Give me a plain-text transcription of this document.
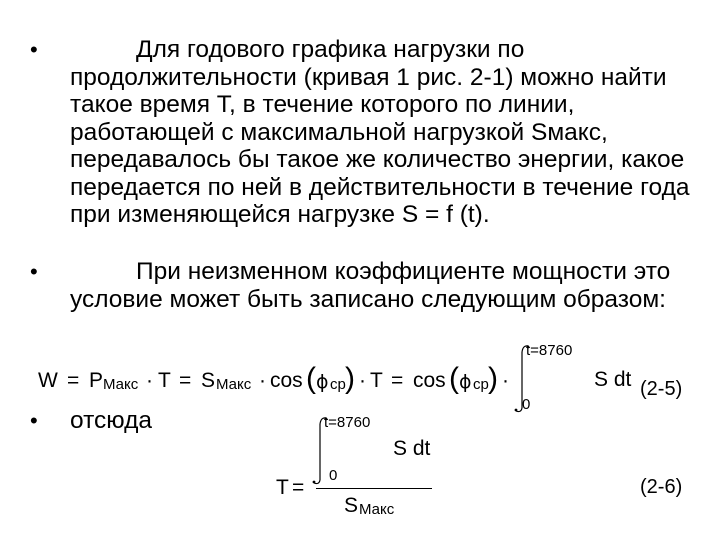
•	Для годового графика нагрузки по продолжительности (кривая 1 рис. 2-1) можно найти такое время Т, в течение которого по линии, работающей с максимальной нагрузкой Sмакс, передавалось бы такое же количество энергии, какое передается по ней в действительности в течение года при изменяющейся нагрузке S = f (t).

•	При неизменном коэффициенте мощности это условие может быть записано следующим образом:

W = P Макс · T = S Макс · cos ( ϕ cp ) · T = cos ( ϕ cp ) ·
t=8760
0
S dt (2-5)
•	отсюда

T =
t=8760
0
S dt
S Макс
(2-6)
